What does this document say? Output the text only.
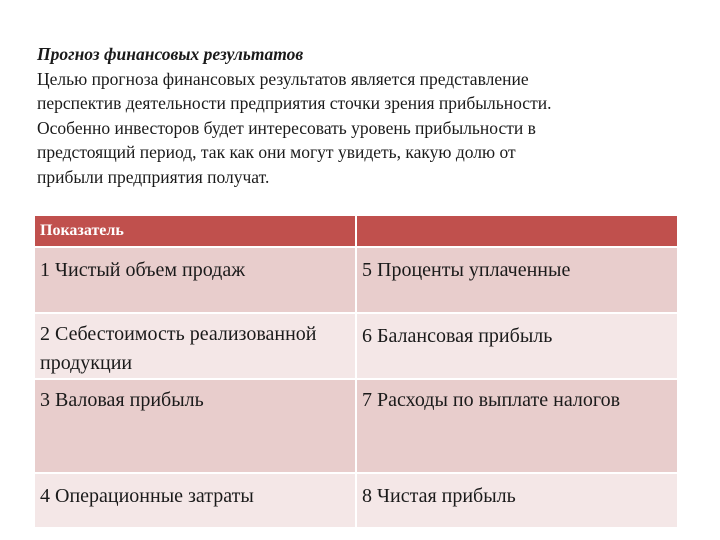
Прогноз финансовых результатов
Целью прогноза финансовых результатов является представление
перспектив деятельности предприятия сточки зрения прибыльности.
Особенно инвесторов будет интересовать уровень прибыльности в
предстоящий период, так как они могут увидеть, какую долю от
прибыли предприятия получат.
Показатель	
1 Чистый объем продаж	5 Проценты уплаченные
2 Себестоимость реализованной продукции	6 Балансовая прибыль
3 Валовая прибыль	7 Расходы по выплате налогов
4 Операционные затраты	8 Чистая прибыль
